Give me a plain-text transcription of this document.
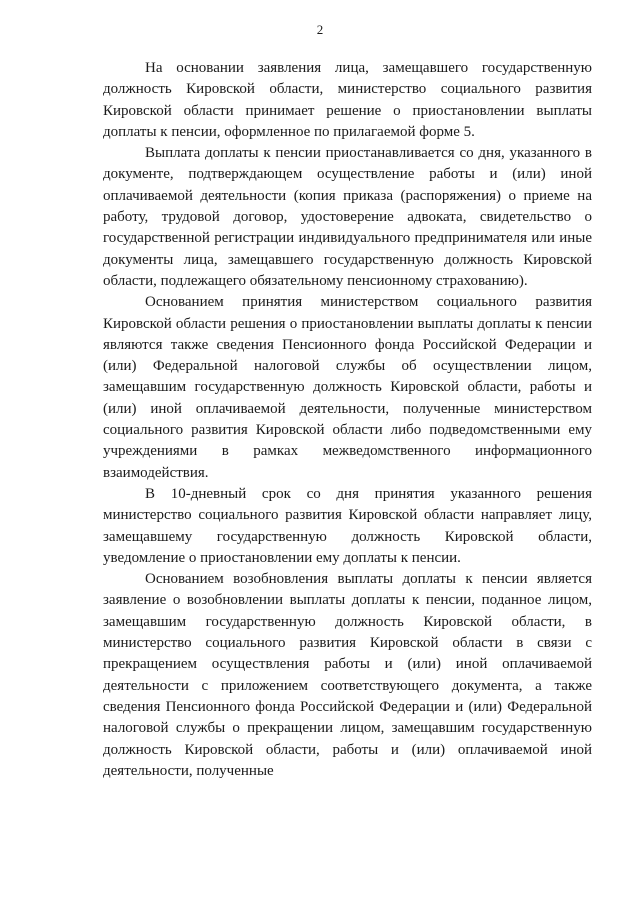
2

На основании заявления лица, замещавшего государственную должность Кировской области, министерство социального развития Кировской области принимает решение о приостановлении выплаты доплаты к пенсии, оформленное по прилагаемой форме 5.

Выплата доплаты к пенсии приостанавливается со дня, указанного в документе, подтверждающем осуществление работы и (или) иной оплачиваемой деятельности (копия приказа (распоряжения) о приеме на работу, трудовой договор, удостоверение адвоката, свидетельство о государственной регистрации индивидуального предпринимателя или иные документы лица, замещавшего государственную должность Кировской области, подлежащего обязательному пенсионному страхованию).

Основанием принятия министерством социального развития Кировской области решения о приостановлении выплаты доплаты к пенсии являются также сведения Пенсионного фонда Российской Федерации и (или) Федеральной налоговой службы об осуществлении лицом, замещавшим государственную должность Кировской области, работы и (или) иной оплачиваемой деятельности, полученные министерством социального развития Кировской области либо подведомственными ему учреждениями в рамках межведомственного информационного взаимодействия.

В 10-дневный срок со дня принятия указанного решения министерство социального развития Кировской области направляет лицу, замещавшему государственную должность Кировской области, уведомление о приостановлении ему доплаты к пенсии.

Основанием возобновления выплаты доплаты к пенсии является заявление о возобновлении выплаты доплаты к пенсии, поданное лицом, замещавшим государственную должность Кировской области, в министерство социального развития Кировской области в связи с прекращением осуществления работы и (или) иной оплачиваемой деятельности с приложением соответствующего документа, а также сведения Пенсионного фонда Российской Федерации и (или) Федеральной налоговой службы о прекращении лицом, замещавшим государственную должность Кировской области, работы и (или) оплачиваемой иной деятельности, полученные
